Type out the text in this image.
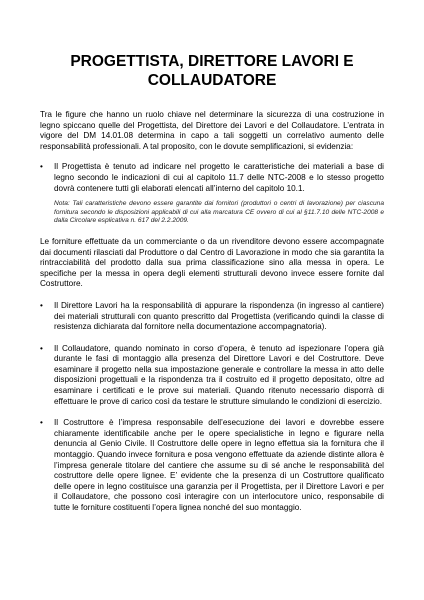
PROGETTISTA, DIRETTORE LAVORI E
COLLAUDATORE

Tra le figure che hanno un ruolo chiave nel determinare la sicurezza di una costruzione in legno spiccano quelle del Progettista, del Direttore dei Lavori e del Collaudatore. L’entrata in vigore del DM 14.01.08 determina in capo a tali soggetti un correlativo aumento delle responsabilità professionali. A tal proposito, con le dovute semplificazioni, si evidenzia:

•	Il Progettista è tenuto ad indicare nel progetto le caratteristiche dei materiali a base di legno secondo le indicazioni di cui al capitolo 11.7 delle NTC-2008 e lo stesso progetto dovrà contenere tutti gli elaborati elencati all’interno del capitolo 10.1.
Nota: Tali caratteristiche devono essere garantite dai fornitori (produttori o centri di lavorazione) per ciascuna fornitura secondo le disposizioni applicabili di cui alla marcatura CE ovvero di cui al §11.7.10 delle NTC-2008 e dalla Circolare esplicativa n. 617 del 2.2.2009.

Le forniture effettuate da un commerciante o da un rivenditore devono essere accompagnate dai documenti rilasciati dal Produttore o dal Centro di Lavorazione in modo che sia garantita la rintracciabilità del prodotto dalla sua prima classificazione sino alla messa in opera. Le specifiche per la messa in opera degli elementi strutturali devono invece essere fornite dal Costruttore.

•	Il Direttore Lavori ha la responsabilità di appurare la rispondenza (in ingresso al cantiere) dei materiali strutturali con quanto prescritto dal Progettista (verificando quindi la classe di resistenza dichiarata dal fornitore nella documentazione accompagnatoria).
•	Il Collaudatore, quando nominato in corso d’opera, è tenuto ad ispezionare l’opera già durante le fasi di montaggio alla presenza del Direttore Lavori e del Costruttore. Deve esaminare il progetto nella sua impostazione generale e controllare la messa in atto delle disposizioni progettuali e la rispondenza tra il costruito ed il progetto depositato, oltre ad esaminare i certificati e le prove sui materiali. Quando ritenuto necessario disporrà di effettuare le prove di carico così da testare le strutture simulando le condizioni di esercizio.
•	Il Costruttore è l’impresa responsabile dell’esecuzione dei lavori e dovrebbe essere chiaramente identificabile anche per le opere specialistiche in legno e figurare nella denuncia al Genio Civile. Il Costruttore delle opere in legno effettua sia la fornitura che il montaggio. Quando invece fornitura e posa vengono effettuate da aziende distinte allora è l’impresa generale titolare del cantiere che assume su di sé anche le responsabilità del costruttore delle opere lignee. E’ evidente che la presenza di un Costruttore qualificato delle opere in legno costituisce una garanzia per il Progettista, per il Direttore Lavori e per il Collaudatore, che possono così interagire con un interlocutore unico, responsabile di tutte le forniture costituenti l’opera lignea nonché del suo montaggio.
